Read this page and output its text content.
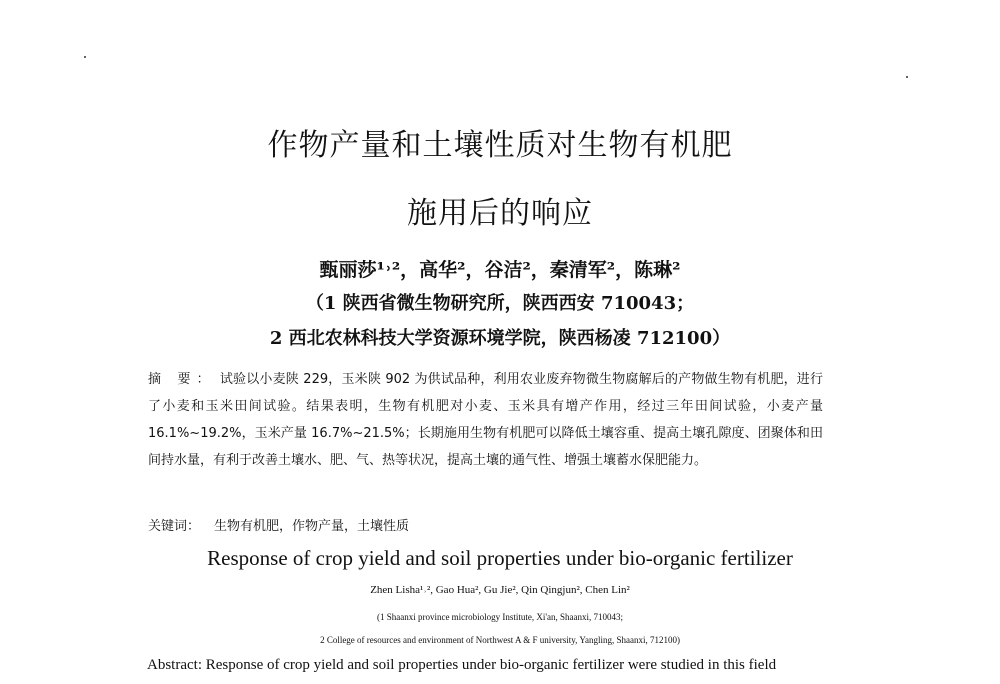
作物产量和土壤性质对生物有机肥
施用后的响应
甄丽莎¹˒²，高华²，谷洁²，秦清军²，陈琳²
（1 陕西省微生物研究所，陕西西安 710043；
2 西北农林科技大学资源环境学院，陕西杨凌 712100）
摘 要： 试验以小麦陕 229，玉米陕 902 为供试品种，利用农业废弃物微生物腐解后的产物做生物有机肥，进行了小麦和玉米田间试验。结果表明，生物有机肥对小麦、玉米具有增产作用，经过三年田间试验，小麦产量 16.1%~19.2%，玉米产量 16.7%~21.5%；长期施用生物有机肥可以降低土壤容重、提高土壤孔隙度、团聚体和田间持水量，有利于改善土壤水、肥、气、热等状况，提高土壤的通气性、增强土壤蓄水保肥能力。
关键词： 生物有机肥，作物产量，土壤性质
Response of crop yield and soil properties under bio-organic fertilizer
Zhen Lisha¹˒², Gao Hua², Gu Jie², Qin Qingjun², Chen Lin²
(1 Shaanxi province microbiology Institute, Xi'an, Shaanxi, 710043;
2 College of resources and environment of Northwest A & F university, Yangling, Shaanxi, 712100)
Abstract: Response of crop yield and soil properties under bio-organic fertilizer were studied in this field
